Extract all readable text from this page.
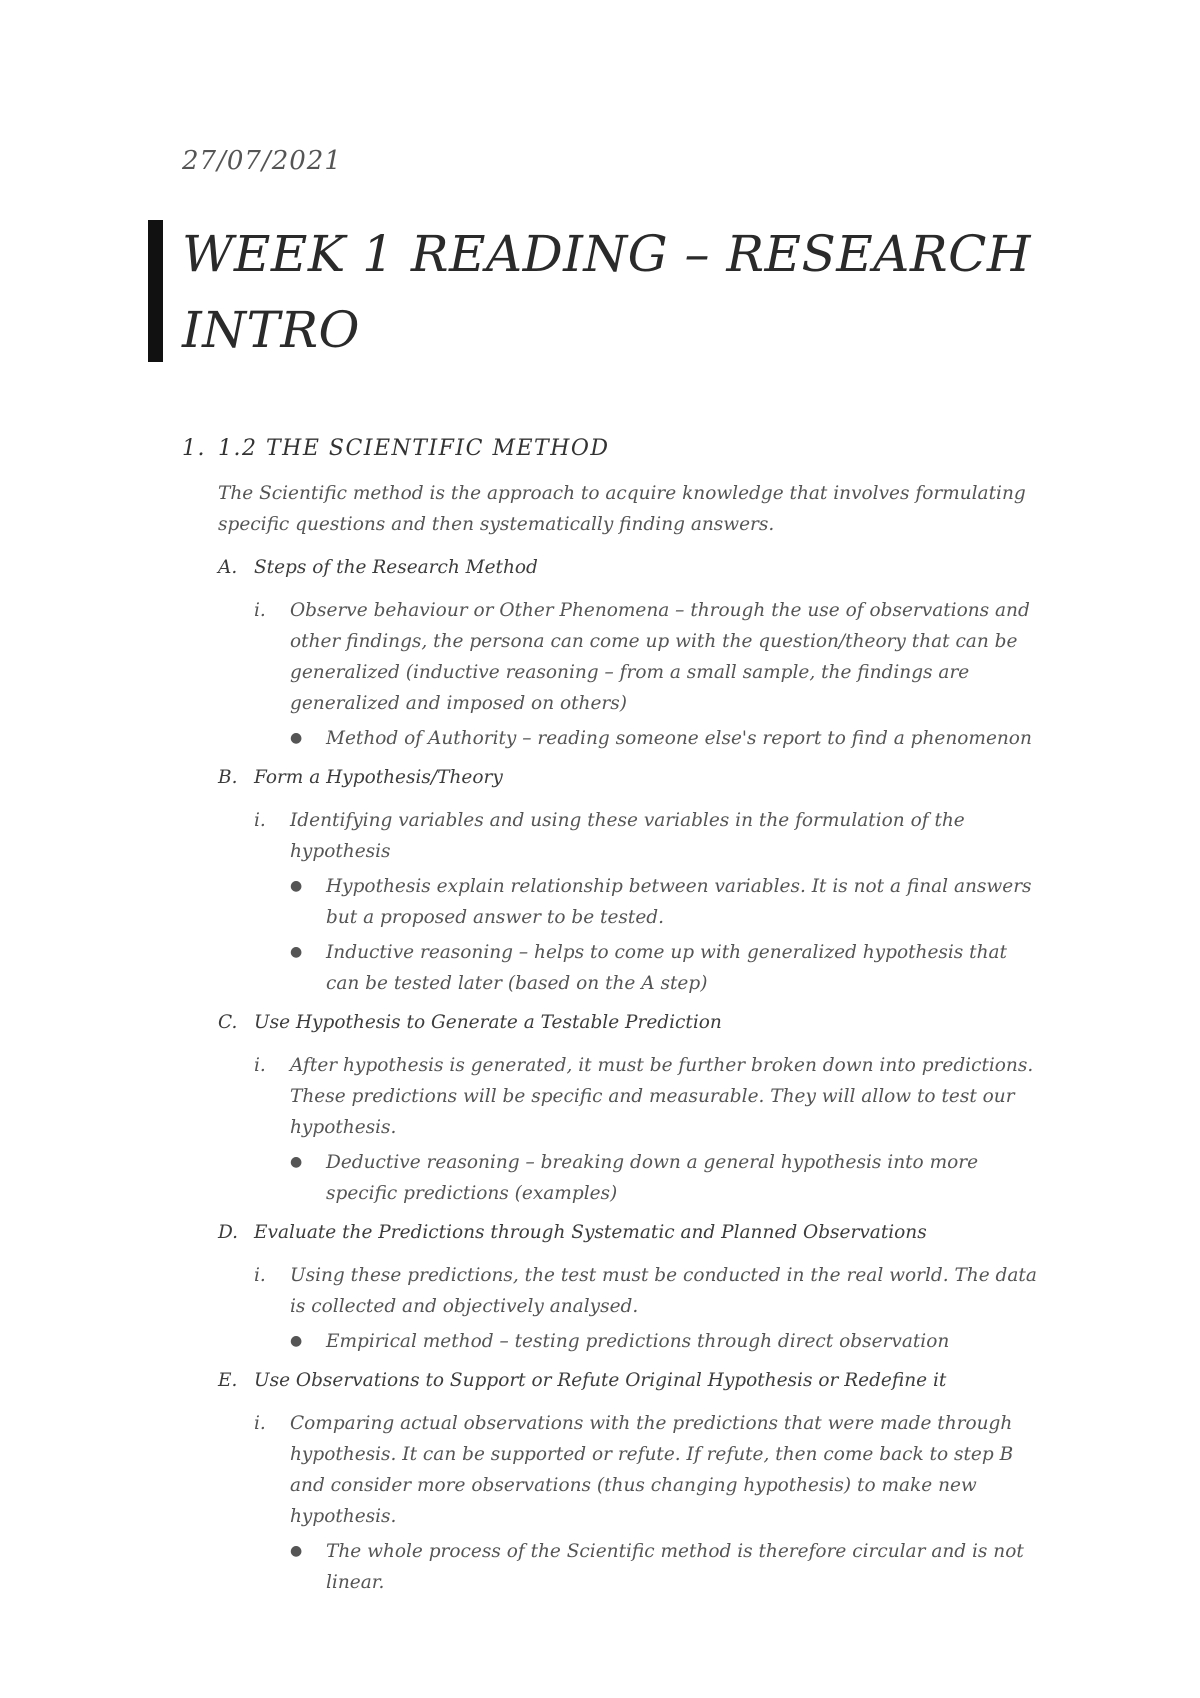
27/07/2021
WEEK 1 READING – RESEARCH INTRO
1. 1.2 THE SCIENTIFIC METHOD

The Scientific method is the approach to acquire knowledge that involves formulating specific questions and then systematically finding answers.

A. Steps of the Research Method
i.	Observe behaviour or Other Phenomena – through the use of observations and other findings, the persona can come up with the question/theory that can be generalized (inductive reasoning – from a small sample, the findings are generalized and imposed on others)
●	Method of Authority – reading someone else's report to find a phenomenon
B. Form a Hypothesis/Theory
i.	Identifying variables and using these variables in the formulation of the hypothesis
●	Hypothesis explain relationship between variables. It is not a final answers but a proposed answer to be tested.
●	Inductive reasoning – helps to come up with generalized hypothesis that can be tested later (based on the A step)
C. Use Hypothesis to Generate a Testable Prediction
i.	After hypothesis is generated, it must be further broken down into predictions. These predictions will be specific and measurable. They will allow to test our hypothesis.
●	Deductive reasoning – breaking down a general hypothesis into more specific predictions (examples)
D. Evaluate the Predictions through Systematic and Planned Observations
i.	Using these predictions, the test must be conducted in the real world. The data is collected and objectively analysed.
●	Empirical method – testing predictions through direct observation
E. Use Observations to Support or Refute Original Hypothesis or Redefine it
i.	Comparing actual observations with the predictions that were made through hypothesis. It can be supported or refute. If refute, then come back to step B and consider more observations (thus changing hypothesis) to make new hypothesis.
●	The whole process of the Scientific method is therefore circular and is not linear.
